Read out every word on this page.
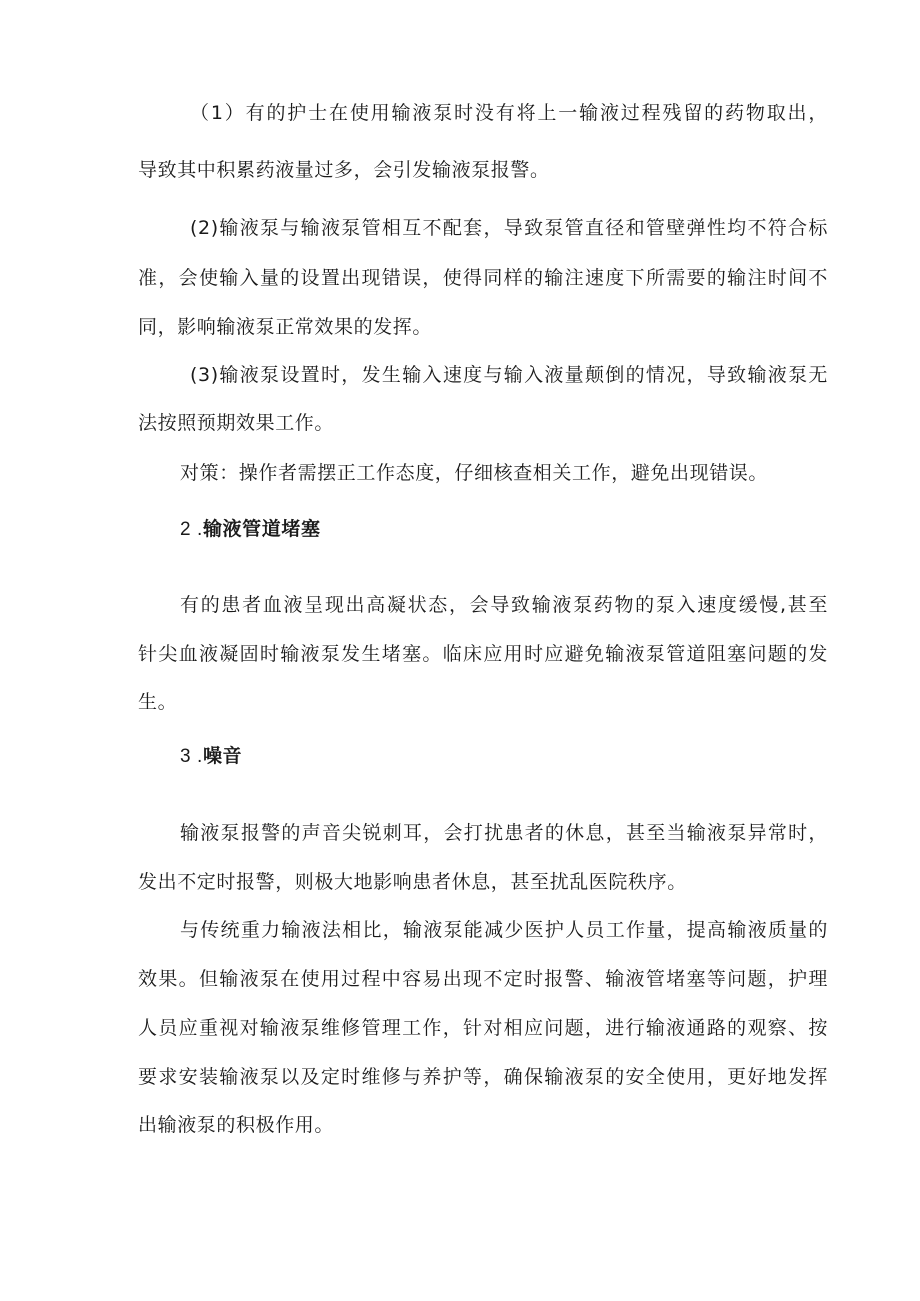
（1）有的护士在使用输液泵时没有将上一输液过程残留的药物取出，
导致其中积累药液量过多，会引发输液泵报警。
(2)输液泵与输液泵管相互不配套，导致泵管直径和管壁弹性均不符合标
准，会使输入量的设置出现错误，使得同样的输注速度下所需要的输注时间不
同，影响输液泵正常效果的发挥。
(3)输液泵设置时，发生输入速度与输入液量颠倒的情况，导致输液泵无
法按照预期效果工作。
对策：操作者需摆正工作态度，仔细核查相关工作，避免出现错误。
2 .输液管道堵塞
有的患者血液呈现出高凝状态，会导致输液泵药物的泵入速度缓慢,甚至
针尖血液凝固时输液泵发生堵塞。临床应用时应避免输液泵管道阻塞问题的发
生。
3 .噪音
输液泵报警的声音尖锐刺耳，会打扰患者的休息，甚至当输液泵异常时，
发出不定时报警，则极大地影响患者休息，甚至扰乱医院秩序。
与传统重力输液法相比，输液泵能减少医护人员工作量，提高输液质量的
效果。但输液泵在使用过程中容易出现不定时报警、输液管堵塞等问题，护理
人员应重视对输液泵维修管理工作，针对相应问题，进行输液通路的观察、按
要求安装输液泵以及定时维修与养护等，确保输液泵的安全使用，更好地发挥
出输液泵的积极作用。
